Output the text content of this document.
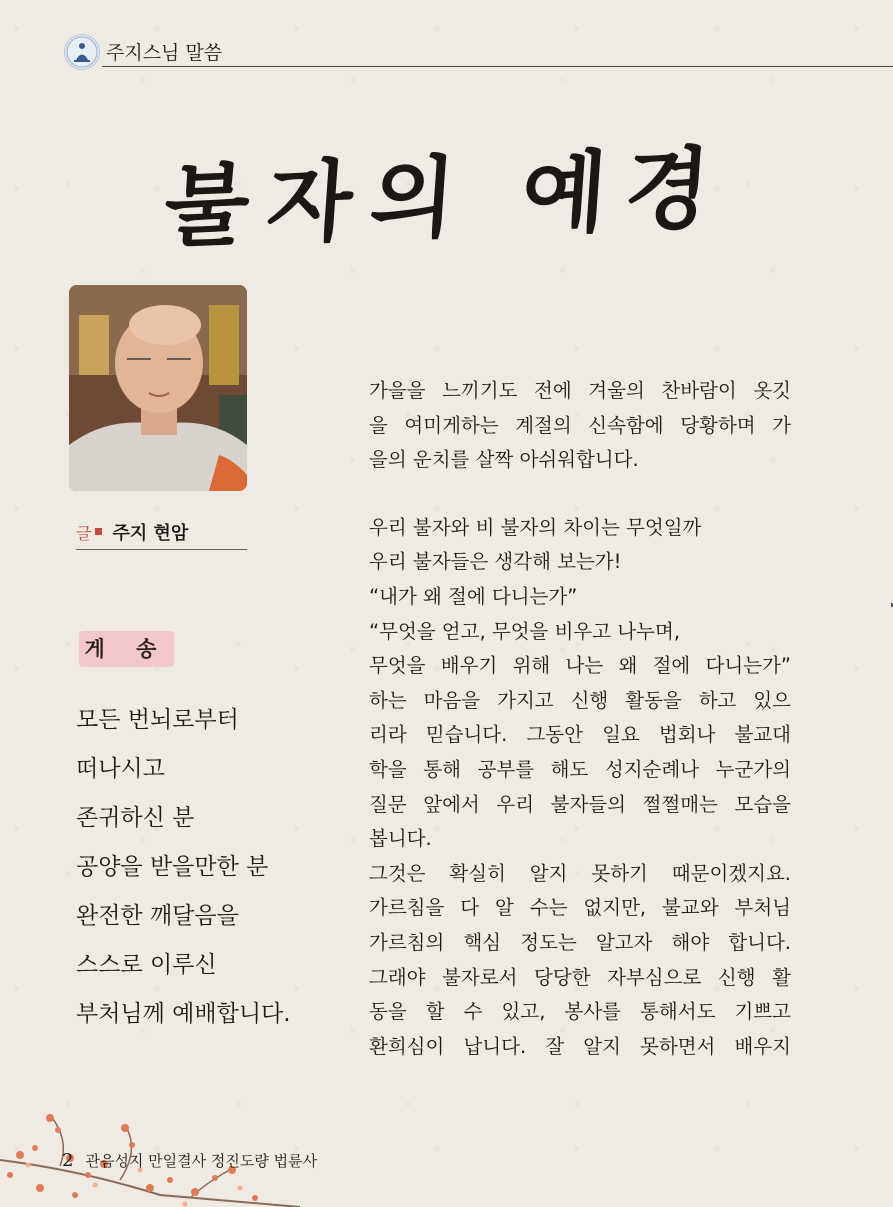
주지스님 말씀
불자의 예경
글 주지 현암
게 송
모든 번뇌로부터
떠나시고
존귀하신 분
공양을 받을만한 분
완전한 깨달음을
스스로 이루신
부처님께 예배합니다.

가을을 느끼기도 전에 겨울의 찬바람이 옷깃

을 여미게하는 계절의 신속함에 당황하며 가

을의 운치를 살짝 아쉬워합니다.

우리 불자와 비 불자의 차이는 무엇일까

우리 불자들은 생각해 보는가!

“내가 왜 절에 다니는가”

“무엇을 얻고, 무엇을 비우고 나누며,

무엇을 배우기 위해 나는 왜 절에 다니는가”

하는 마음을 가지고 신행 활동을 하고 있으

리라 믿습니다. 그동안 일요 법회나 불교대

학을 통해 공부를 해도 성지순례나 누군가의

질문 앞에서 우리 불자들의 쩔쩔매는 모습을

봅니다.

그것은 확실히 알지 못하기 때문이겠지요.

가르침을 다 알 수는 없지만, 불교와 부처님

가르침의 핵심 정도는 알고자 해야 합니다.

그래야 불자로서 당당한 자부심으로 신행 활

동을 할 수 있고, 봉사를 통해서도 기쁘고

환희심이 납니다. 잘 알지 못하면서 배우지

2 관음성지 만일결사 정진도량 법륜사
